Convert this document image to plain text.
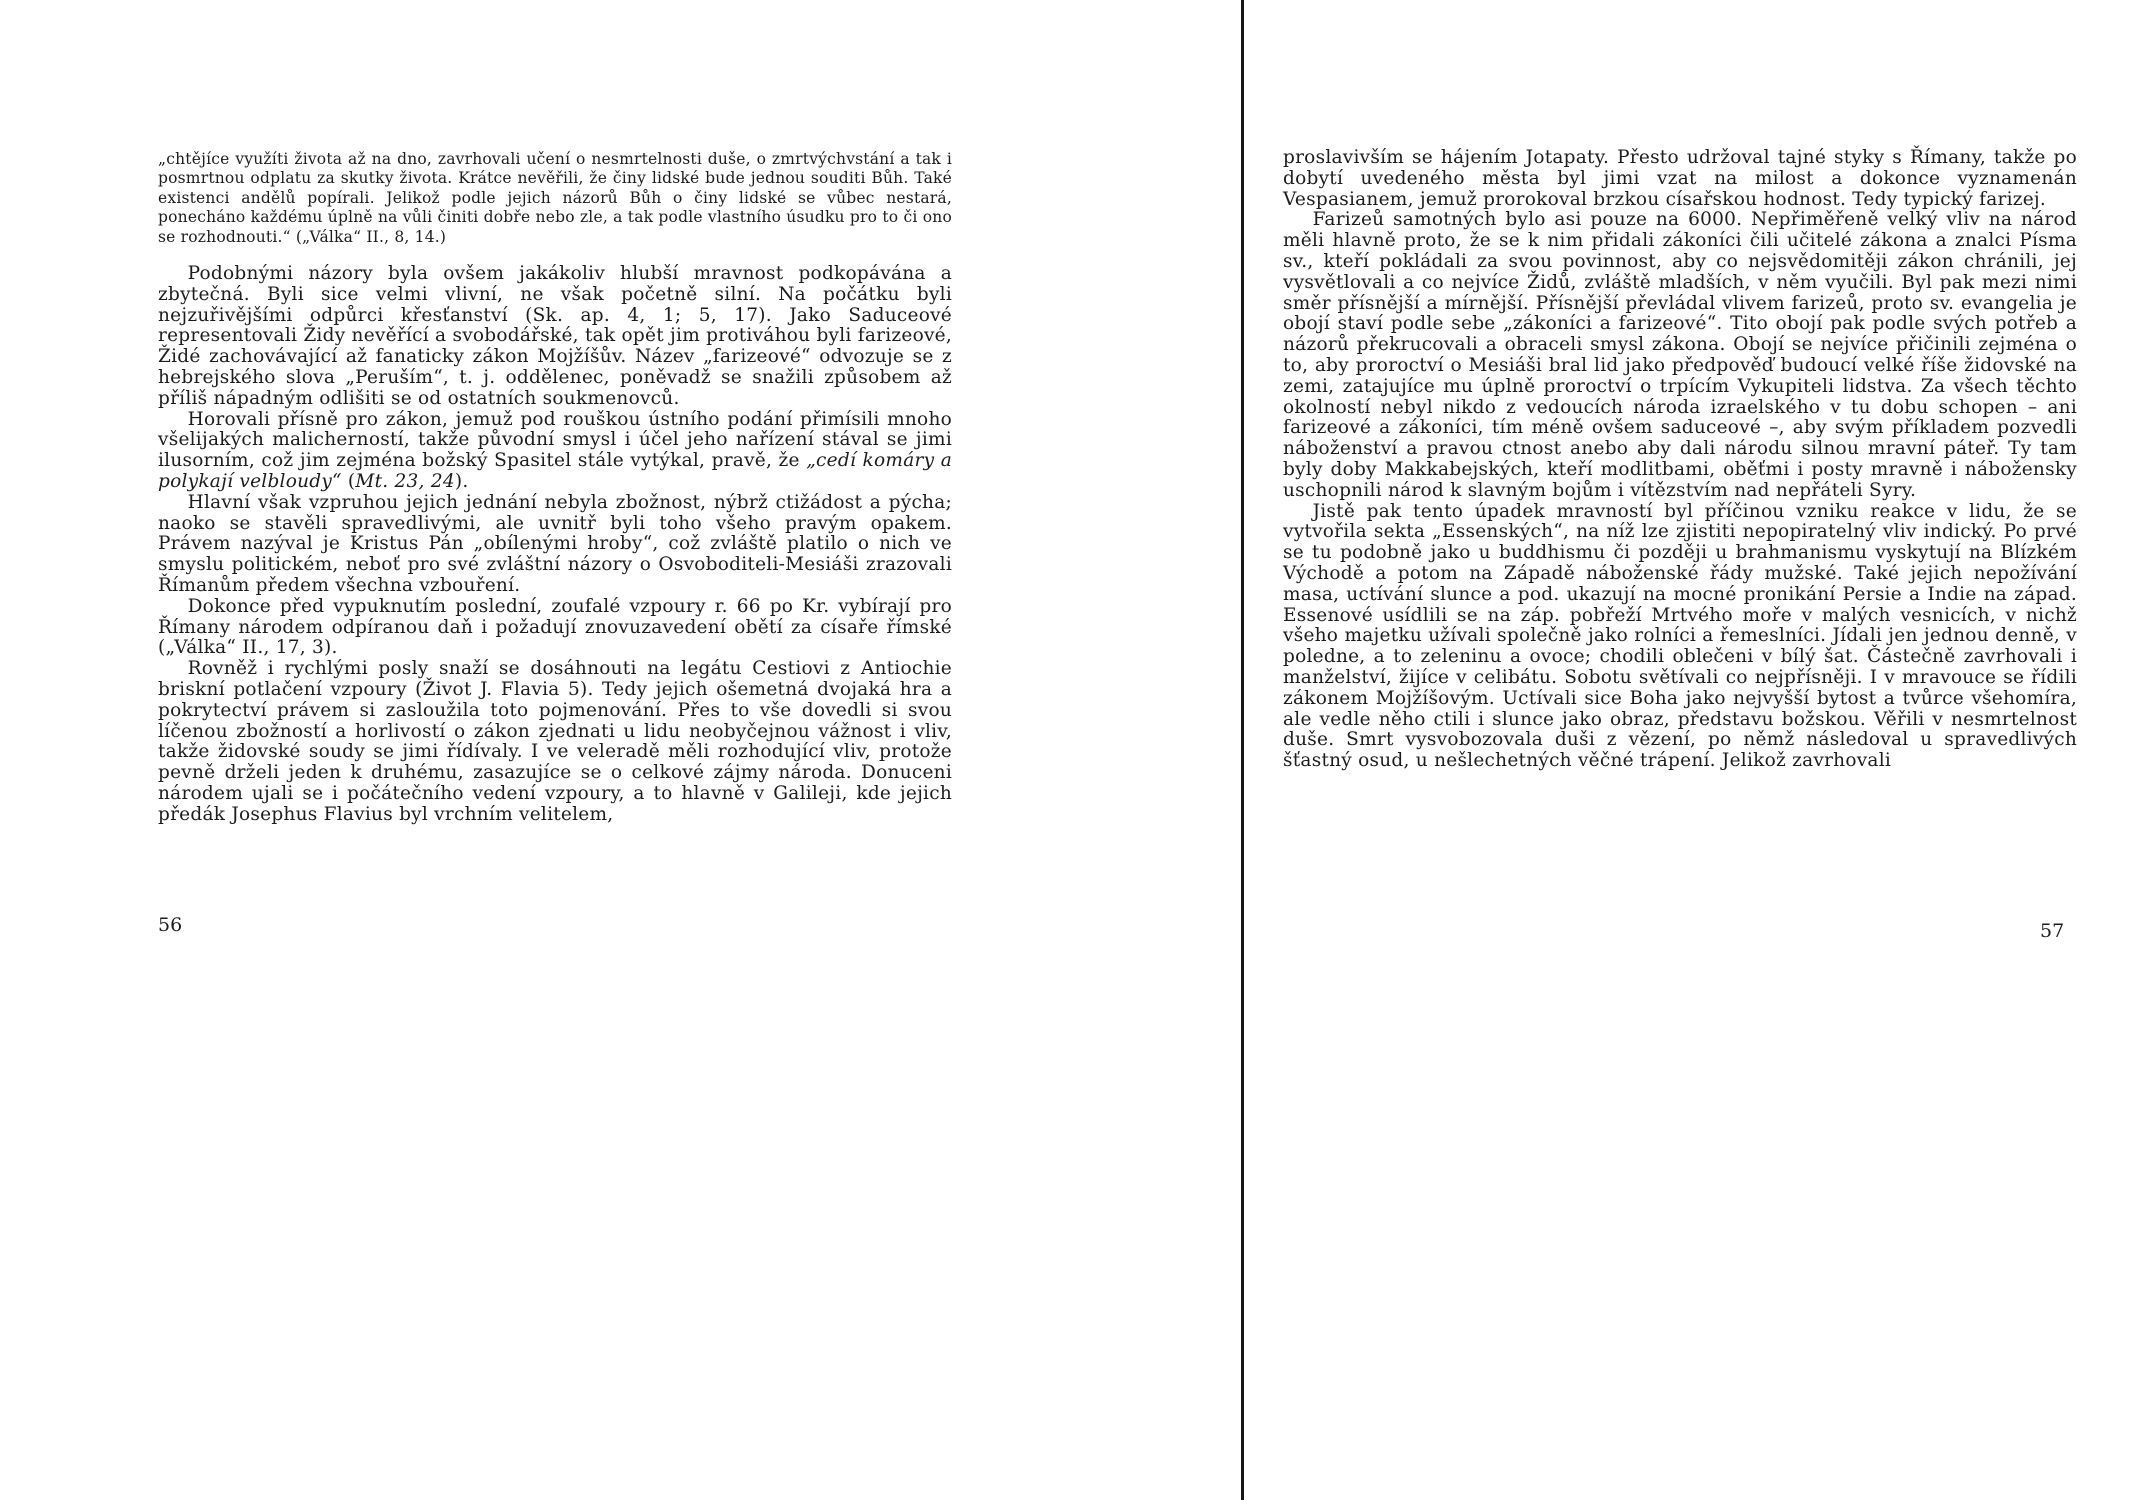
„chtějíce využíti života až na dno, zavrhovali učení o nesmrtelnosti duše, o zmrtvýchvstání a tak i posmrtnou odplatu za skutky života. Krátce nevěřili, že činy lidské bude jednou souditi Bůh. Také existenci andělů popírali. Jelikož podle jejich názorů Bůh o činy lidské se vůbec nestará, ponecháno každému úplně na vůli činiti dobře nebo zle, a tak podle vlastního úsudku pro to či ono se rozhodnouti.“ („Válka“ II., 8, 14.)

Podobnými názory byla ovšem jakákoliv hlubší mravnost podkopávána a zbytečná. Byli sice velmi vlivní, ne však početně silní. Na počátku byli nejzuřivějšími odpůrci křesťanství (Sk. ap. 4, 1; 5, 17). Jako Saduceové representovali Židy nevěřící a svobodářské, tak opět jim protiváhou byli farizeové, Židé zachovávající až fanaticky zákon Mojžíšův. Název „farizeové“ odvozuje se z hebrejského slova „Peruším“, t. j. oddělenec, poněvadž se snažili způsobem až příliš nápadným odlišiti se od ostatních soukmenovců.

Horovali přísně pro zákon, jemuž pod rouškou ústního podání přimísili mnoho všelijakých malicherností, takže původní smysl i účel jeho nařízení stával se jimi ilusorním, což jim zejména božský Spasitel stále vytýkal, pravě, že „cedí komáry a polykají velbloudy“ (Mt. 23, 24).

Hlavní však vzpruhou jejich jednání nebyla zbožnost, nýbrž ctižádost a pýcha; naoko se stavěli spravedlivými, ale uvnitř byli toho všeho pravým opakem. Právem nazýval je Kristus Pán „obílenými hroby“, což zvláště platilo o nich ve smyslu politickém, neboť pro své zvláštní názory o Osvoboditeli-Mesiáši zrazovali Římanům předem všechna vzbouření.

Dokonce před vypuknutím poslední, zoufalé vzpoury r. 66 po Kr. vybírají pro Římany národem odpíranou daň i požadují znovuzavedení obětí za císaře římské („Válka“ II., 17, 3).

Rovněž i rychlými posly snaží se dosáhnouti na legátu Cestiovi z Antiochie briskní potlačení vzpoury (Život J. Flavia 5). Tedy jejich ošemetná dvojaká hra a pokrytectví právem si zasloužila toto pojmenování. Přes to vše dovedli si svou líčenou zbožností a horlivostí o zákon zjednati u lidu neobyčejnou vážnost i vliv, takže židovské soudy se jimi řídívaly. I ve veleradě měli rozhodující vliv, protože pevně drželi jeden k druhému, zasazujíce se o celkové zájmy národa. Donuceni národem ujali se i počátečního vedení vzpoury, a to hlavně v Galileji, kde jejich předák Josephus Flavius byl vrchním velitelem,

proslavivším se hájením Jotapaty. Přesto udržoval tajné styky s Římany, takže po dobytí uvedeného města byl jimi vzat na milost a dokonce vyznamenán Vespasianem, jemuž prorokoval brzkou císařskou hodnost. Tedy typický farizej.

Farizeů samotných bylo asi pouze na 6000. Nepřiměřeně velký vliv na národ měli hlavně proto, že se k nim přidali zákoníci čili učitelé zákona a znalci Písma sv., kteří pokládali za svou povinnost, aby co nejsvědomitěji zákon chránili, jej vysvětlovali a co nejvíce Židů, zvláště mladších, v něm vyučili. Byl pak mezi nimi směr přísnější a mírnější. Přísnější převládal vlivem farizeů, proto sv. evangelia je obojí staví podle sebe „zákoníci a farizeové“. Tito obojí pak podle svých potřeb a názorů překrucovali a obraceli smysl zákona. Obojí se nejvíce přičinili zejména o to, aby proroctví o Mesiáši bral lid jako předpověď budoucí velké říše židovské na zemi, zatajujíce mu úplně proroctví o trpícím Vykupiteli lidstva. Za všech těchto okolností nebyl nikdo z vedoucích národa izraelského v tu dobu schopen – ani farizeové a zákoníci, tím méně ovšem saduceové –, aby svým příkladem pozvedli náboženství a pravou ctnost anebo aby dali národu silnou mravní páteř. Ty tam byly doby Makkabejských, kteří modlitbami, oběťmi i posty mravně i nábožensky uschopnili národ k slavným bojům i vítězstvím nad nepřáteli Syry.

Jistě pak tento úpadek mravností byl příčinou vzniku reakce v lidu, že se vytvořila sekta „Essenských“, na níž lze zjistiti nepopiratelný vliv indický. Po prvé se tu podobně jako u buddhismu či později u brahmanismu vyskytují na Blízkém Východě a potom na Západě náboženské řády mužské. Také jejich nepožívání masa, uctívání slunce a pod. ukazují na mocné pronikání Persie a Indie na západ. Essenové usídlili se na záp. pobřeží Mrtvého moře v malých vesnicích, v nichž všeho majetku užívali společně jako rolníci a řemeslníci. Jídali jen jednou denně, v poledne, a to zeleninu a ovoce; chodili oblečeni v bílý šat. Částečně zavrhovali i manželství, žijíce v celibátu. Sobotu světívali co nejpřísněji. I v mravouce se řídili zákonem Mojžíšovým. Uctívali sice Boha jako nejvyšší bytost a tvůrce všehomíra, ale vedle něho ctili i slunce jako obraz, představu božskou. Věřili v nesmrtelnost duše. Smrt vysvobozovala duši z vězení, po němž následoval u spravedlivých šťastný osud, u nešlechetných věčné trápení. Jelikož zavrhovali

56	57
